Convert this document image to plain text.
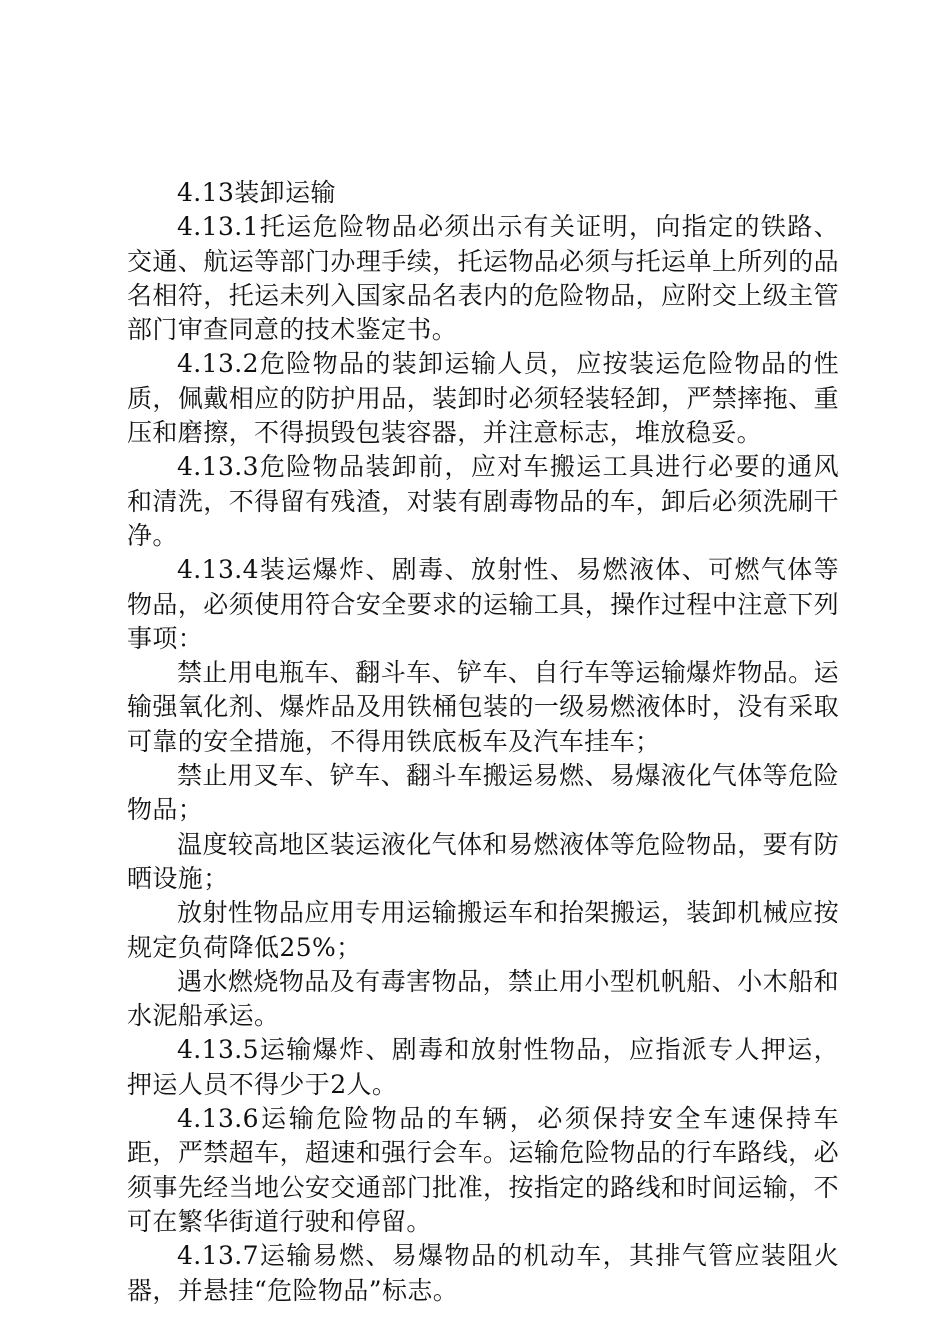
4.13装卸运输

4.13.1托运危险物品必须出示有关证明，向指定的铁路、交通、航运等部门办理手续，托运物品必须与托运单上所列的品名相符，托运未列入国家品名表内的危险物品，应附交上级主管部门审查同意的技术鉴定书。

4.13.2危险物品的装卸运输人员，应按装运危险物品的性质，佩戴相应的防护用品，装卸时必须轻装轻卸，严禁摔拖、重压和磨擦，不得损毁包装容器，并注意标志，堆放稳妥。

4.13.3危险物品装卸前，应对车搬运工具进行必要的通风和清洗，不得留有残渣，对装有剧毒物品的车，卸后必须洗刷干净。

4.13.4装运爆炸、剧毒、放射性、易燃液体、可燃气体等物品，必须使用符合安全要求的运输工具，操作过程中注意下列事项：

禁止用电瓶车、翻斗车、铲车、自行车等运输爆炸物品。运输强氧化剂、爆炸品及用铁桶包装的一级易燃液体时，没有采取可靠的安全措施，不得用铁底板车及汽车挂车；

禁止用叉车、铲车、翻斗车搬运易燃、易爆液化气体等危险物品；

温度较高地区装运液化气体和易燃液体等危险物品，要有防晒设施；

放射性物品应用专用运输搬运车和抬架搬运，装卸机械应按规定负荷降低25%；

遇水燃烧物品及有毒害物品，禁止用小型机帆船、小木船和水泥船承运。

4.13.5运输爆炸、剧毒和放射性物品，应指派专人押运，押运人员不得少于2人。

4.13.6运输危险物品的车辆，必须保持安全车速保持车距，严禁超车，超速和强行会车。运输危险物品的行车路线，必须事先经当地公安交通部门批准，按指定的路线和时间运输，不可在繁华街道行驶和停留。

4.13.7运输易燃、易爆物品的机动车，其排气管应装阻火器，并悬挂“危险物品”标志。
